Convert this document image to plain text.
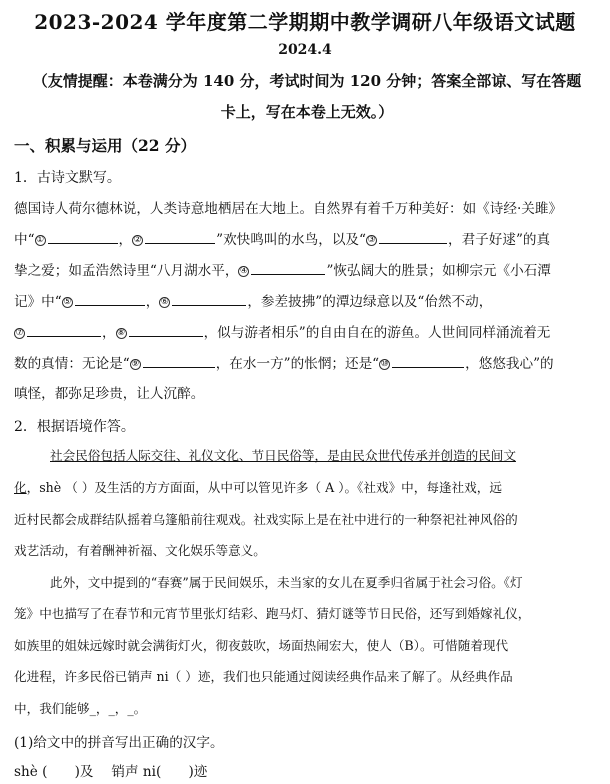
2023-2024 学年度第二学期期中教学调研八年级语文试题
2024.4
（友情提醒：本卷满分为 140 分，考试时间为 120 分钟；答案全部谅、写在答题
卡上，写在本卷上无效。）
一、积累与运用（22 分）
1．古诗文默写。
德国诗人荷尔德林说，人类诗意地栖居在大地上。自然界有着千万种美好：如《诗经·关雎》
中“①	，②	”欢快鸣叫的水鸟，以及“③	，君子好逑”的真
挚之爱；如孟浩然诗里“八月湖水平，④	”恢弘阔大的胜景；如柳宗元《小石潭
记》中“⑤	，⑥	，参差披拂”的潭边绿意以及“佁然不动，
⑦	，⑧	，似与游者相乐”的自由自在的游鱼。人世间同样涌流着无
数的真情：无论是“⑨	，在水一方”的怅惘；还是“⑩	，悠悠我心”的
嗔怪，都弥足珍贵，让人沉醉。
2．根据语境作答。
社会民俗包括人际交往、礼仪文化、节日民俗等，是由民众世代传承并创造的民间文
化，shè （ ）及生活的方方面面，从中可以管见许多（ A ）。《社戏》中，每逢社戏，远
近村民都会成群结队摇着乌篷船前往观戏。社戏实际上是在社中进行的一种祭祀社神风俗的
戏艺活动，有着酬神祈福、文化娱乐等意义。
此外，文中提到的“春赛”属于民间娱乐，未当家的女儿在夏季归省属于社会习俗。《灯
笼》中也描写了在春节和元宵节里张灯结彩、跑马灯、猜灯谜等节日民俗，还写到婚嫁礼仪，
如族里的姐妹远嫁时就会满街灯火，彻夜鼓吹，场面热闹宏大，使人（B）。可惜随着现代
化进程，许多民俗已销声 ni（ ）迹，我们也只能通过阅读经典作品来了解了。从经典作品
中，我们能够_，_，_。
(1)给文中的拼音写出正确的汉字。
shè (　　)及　 销声 ni(　　)迹
